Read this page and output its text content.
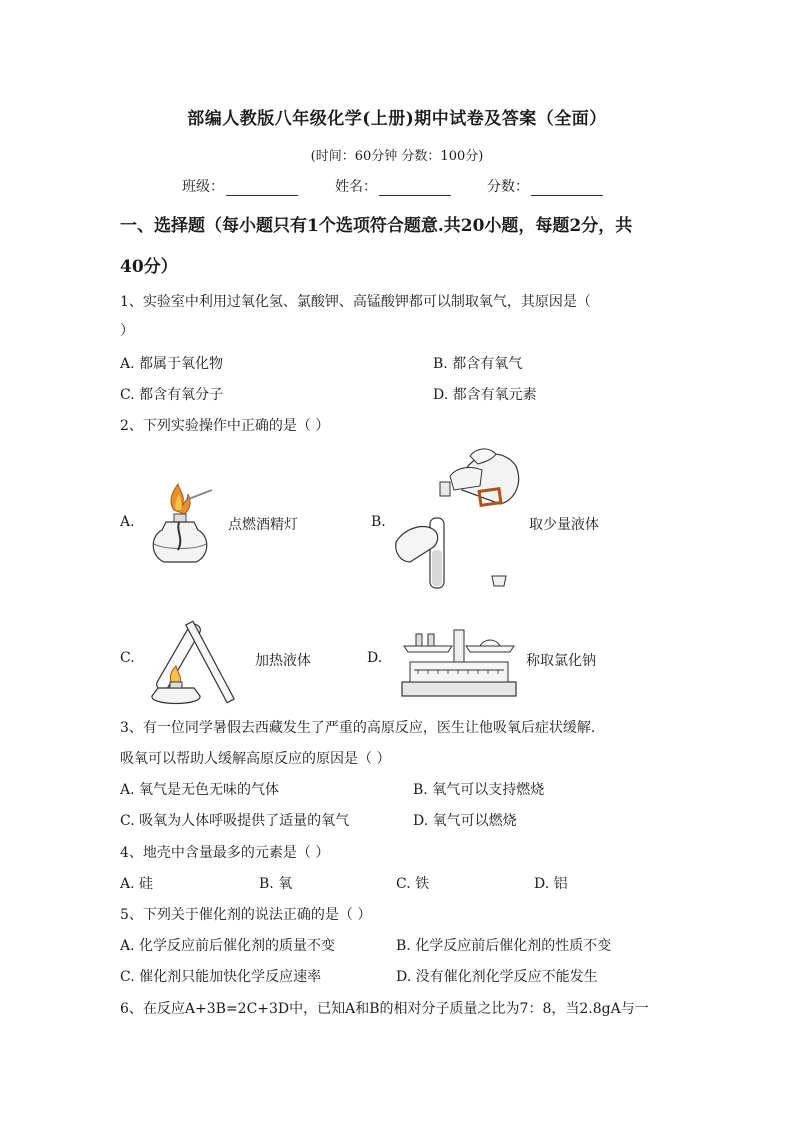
部编人教版八年级化学(上册)期中试卷及答案（全面）
(时间：60分钟 分数：100分)
班级：	姓名：	分数：
一、选择题（每小题只有1个选项符合题意.共20小题，每题2分，共
40分）
1、实验室中利用过氧化氢、氯酸钾、高锰酸钾都可以制取氧气，其原因是（
）
A. 都属于氧化物	B. 都含有氧气
C. 都含有氧分子	D. 都含有氧元素
2、下列实验操作中正确的是（ ）
A.	点燃酒精灯	B.	取少量液体
C.	加热液体	D.	称取氯化钠
3、有一位同学暑假去西藏发生了严重的高原反应，医生让他吸氧后症状缓解.
吸氧可以帮助人缓解高原反应的原因是（ ）
A. 氧气是无色无味的气体	B. 氧气可以支持燃烧
C. 吸氧为人体呼吸提供了适量的氧气	D. 氧气可以燃烧
4、地壳中含量最多的元素是（ ）
A. 硅	B. 氧	C. 铁	D. 铝
5、下列关于催化剂的说法正确的是（ ）
A. 化学反应前后催化剂的质量不变	B. 化学反应前后催化剂的性质不变
C. 催化剂只能加快化学反应速率	D. 没有催化剂化学反应不能发生
6、在反应A+3B=2C+3D中，已知A和B的相对分子质量之比为7：8，当2.8gA与一
